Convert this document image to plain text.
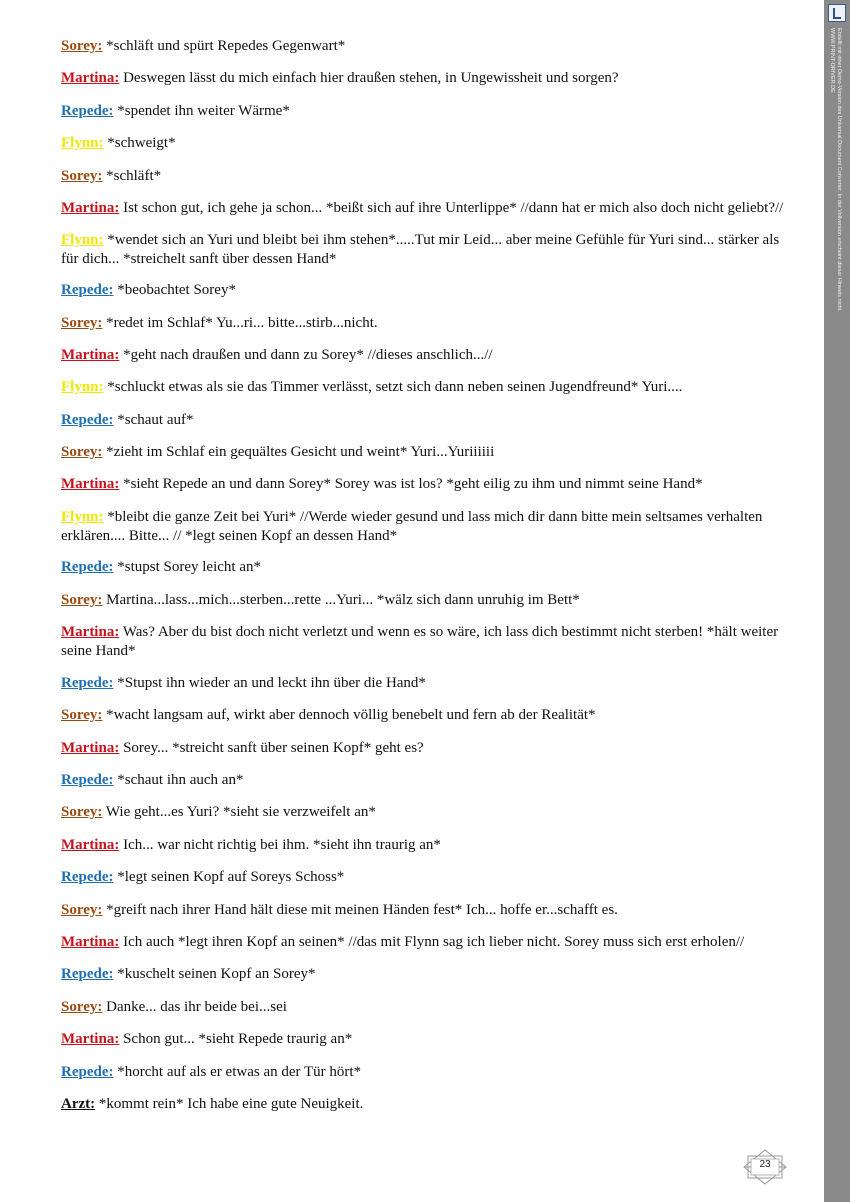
Sorey: *schläft und spürt Repedes Gegenwart*
Martina: Deswegen lässt du mich einfach hier draußen stehen, in Ungewissheit und sorgen?
Repede: *spendet ihn weiter Wärme*
Flynn: *schweigt*
Sorey: *schläft*
Martina: Ist schon gut, ich gehe ja schon... *beißt sich auf ihre Unterlippe* //dann hat er mich also doch nicht geliebt?//
Flynn: *wendet sich an Yuri und bleibt bei ihm stehen*.....Tut mir Leid... aber meine Gefühle für Yuri sind... stärker als für dich... *streichelt sanft über dessen Hand*
Repede: *beobachtet Sorey*
Sorey: *redet im Schlaf* Yu...ri... bitte...stirb...nicht.
Martina: *geht nach draußen und dann zu Sorey* //dieses anschlich...//
Flynn: *schluckt etwas als sie das Timmer verlässt, setzt sich dann neben seinen Jugendfreund* Yuri....
Repede: *schaut auf*
Sorey: *zieht im Schlaf ein gequältes Gesicht und weint* Yuri...Yuriiiiii
Martina: *sieht Repede an und dann Sorey* Sorey was ist los? *geht eilig zu ihm und nimmt seine Hand*
Flynn: *bleibt die ganze Zeit bei Yuri* //Werde wieder gesund und lass mich dir dann bitte mein seltsames verhalten erklären.... Bitte... // *legt seinen Kopf an dessen Hand*
Repede: *stupst Sorey leicht an*
Sorey: Martina...lass...mich...sterben...rette ...Yuri... *wälz sich dann unruhig im Bett*
Martina: Was? Aber du bist doch nicht verletzt und wenn es so wäre, ich lass dich bestimmt nicht sterben! *hält weiter seine Hand*
Repede: *Stupst ihn wieder an und leckt ihn über die Hand*
Sorey: *wacht langsam auf, wirkt aber dennoch völlig benebelt und fern ab der Realität*
Martina: Sorey... *streicht sanft über seinen Kopf* geht es?
Repede: *schaut ihn auch an*
Sorey: Wie geht...es Yuri? *sieht sie verzweifelt an*
Martina: Ich... war nicht richtig bei ihm. *sieht ihn traurig an*
Repede: *legt seinen Kopf auf Soreys Schoss*
Sorey: *greift nach ihrer Hand hält diese mit meinen Händen fest* Ich... hoffe er...schafft es.
Martina: Ich auch *legt ihren Kopf an seinen* //das mit Flynn sag ich lieber nicht. Sorey muss sich erst erholen//
Repede: *kuschelt seinen Kopf an Sorey*
Sorey: Danke... das ihr beide bei...sei
Martina: Schon gut... *sieht Repede traurig an*
Repede: *horcht auf als er etwas an der Tür hört*
Arzt: *kommt rein* Ich habe eine gute Neuigkeit.
23
Erstellt mit einer Demo-Version des Universal Document Converter. In der Vollversion erscheint dieser Hinweis nicht.
WWW.PRINT-DRIVER.DE
